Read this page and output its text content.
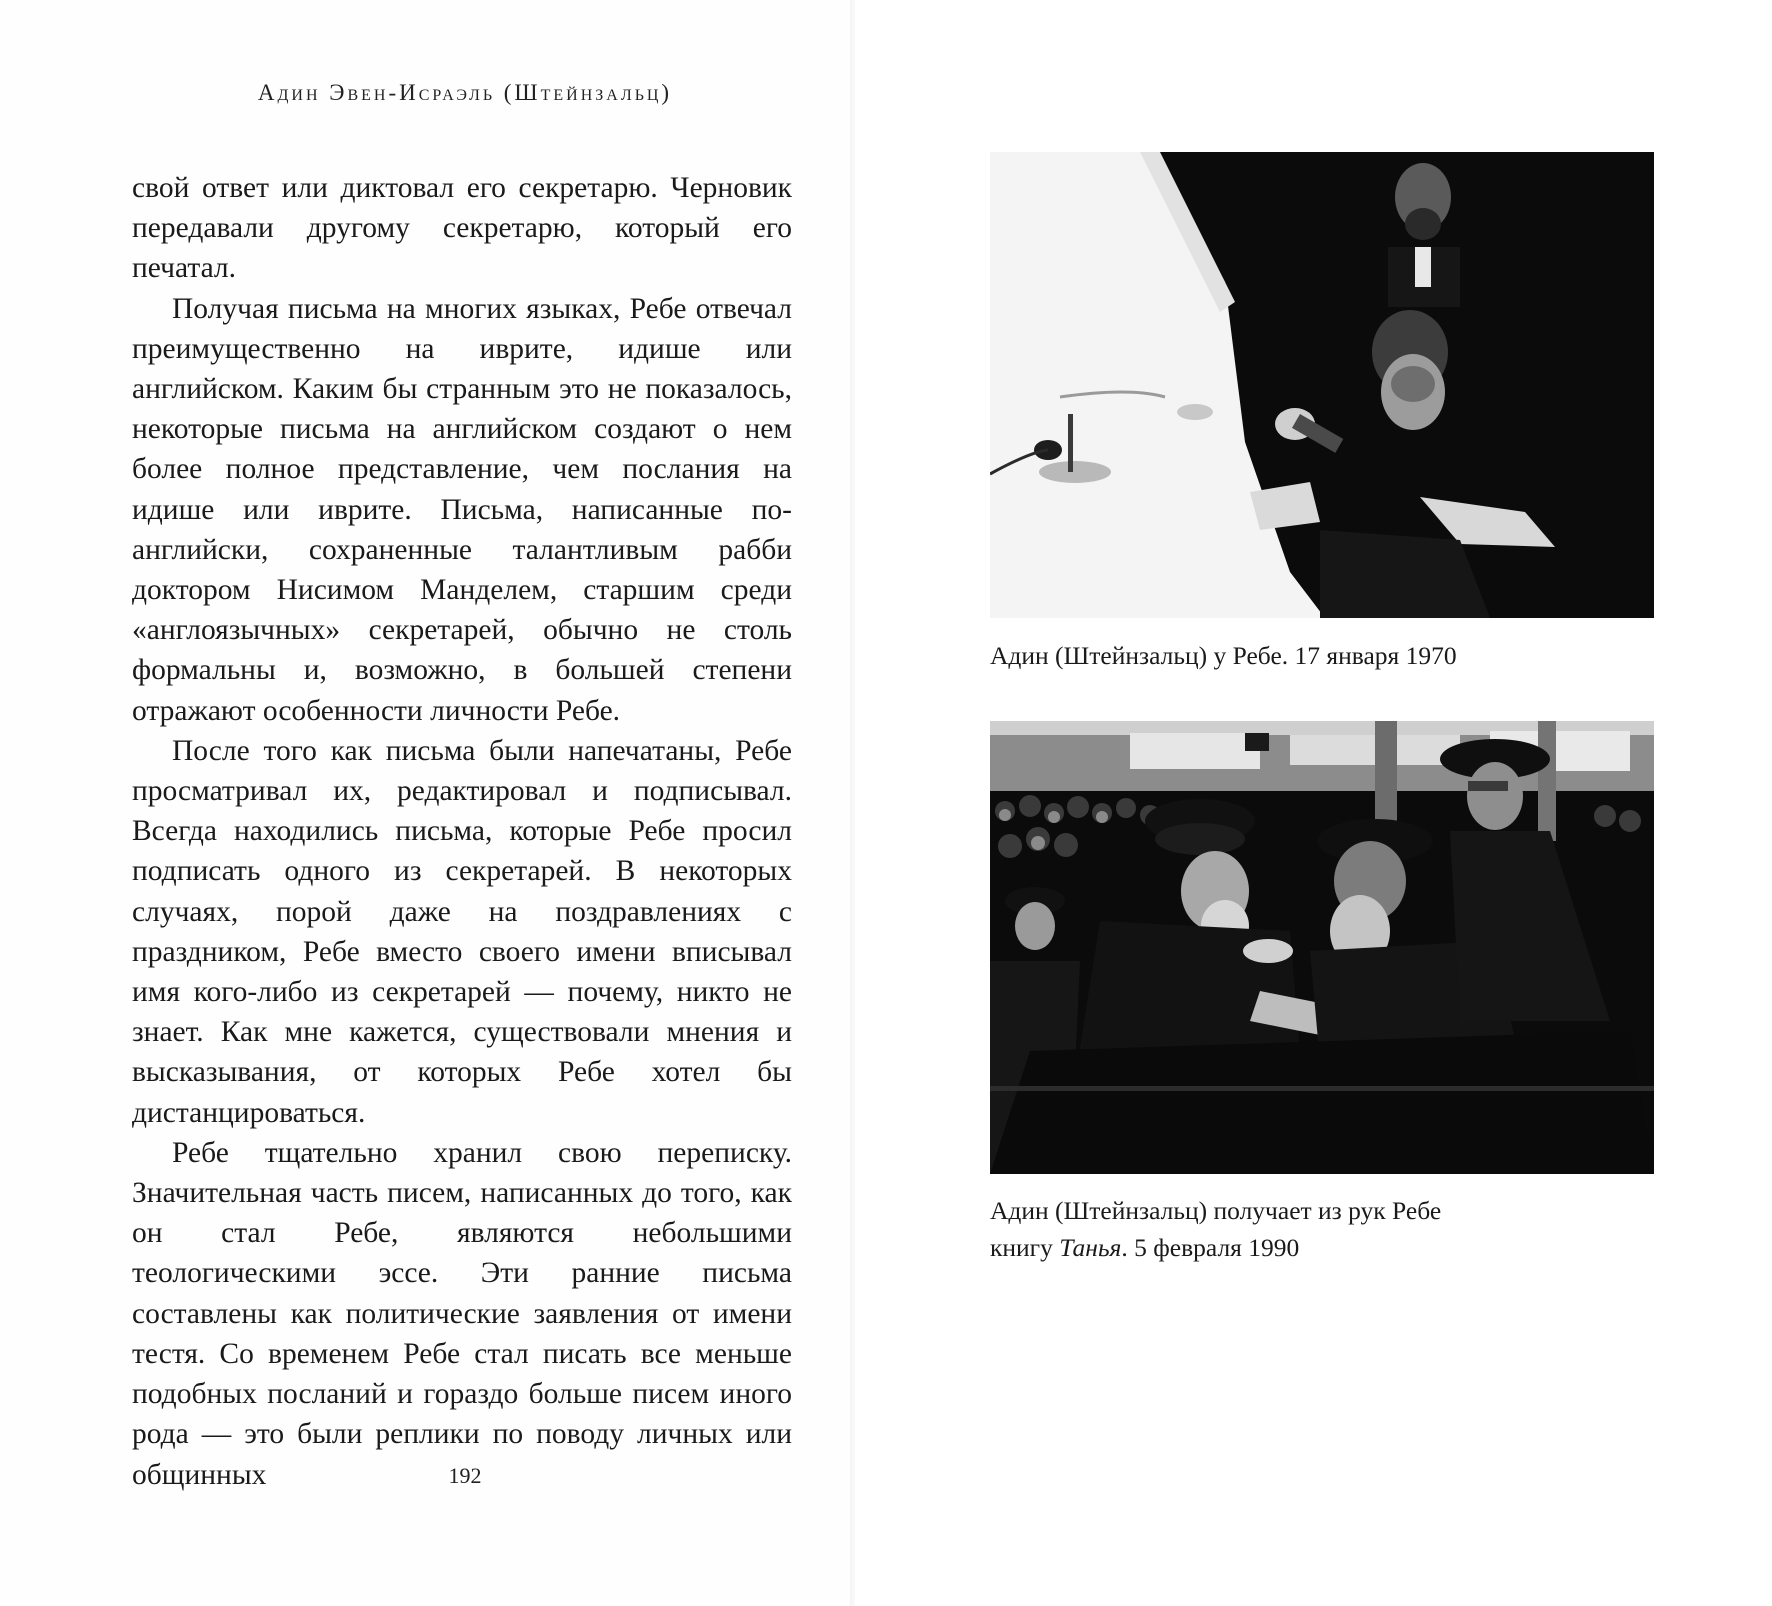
Адин Эвен-Исраэль (Штейнзальц)

свой ответ или диктовал его секретарю. Черновик передавали другому секретарю, который его печатал.

Получая письма на многих языках, Ребе отвечал преимущественно на иврите, идише или английском. Каким бы странным это не показалось, некоторые письма на английском создают о нем более полное представление, чем послания на идише или иврите. Письма, написанные по-английски, сохраненные талантливым рабби доктором Нисимом Манделем, старшим среди «англоязычных» секретарей, обычно не столь формальны и, возможно, в большей степени отражают особенности личности Ребе.

После того как письма были напечатаны, Ребе просматривал их, редактировал и подписывал. Всегда находились письма, которые Ребе просил подписать одного из секретарей. В некоторых случаях, порой даже на поздравлениях с праздником, Ребе вместо своего имени вписывал имя кого-либо из секретарей — почему, никто не знает. Как мне кажется, существовали мнения и высказывания, от которых Ребе хотел бы дистанцироваться.

Ребе тщательно хранил свою переписку. Значительная часть писем, написанных до того, как он стал Ребе, являются небольшими теологическими эссе. Эти ранние письма составлены как политические заявления от имени тестя. Со временем Ребе стал писать все меньше подобных посланий и гораздо больше писем иного рода — это были реплики по поводу личных или общинных	192
Адин (Штейнзальц) у Ребе. 17 января 1970
Адин (Штейнзальц) получает из рук Ребе
книгу Танья. 5 февраля 1990
